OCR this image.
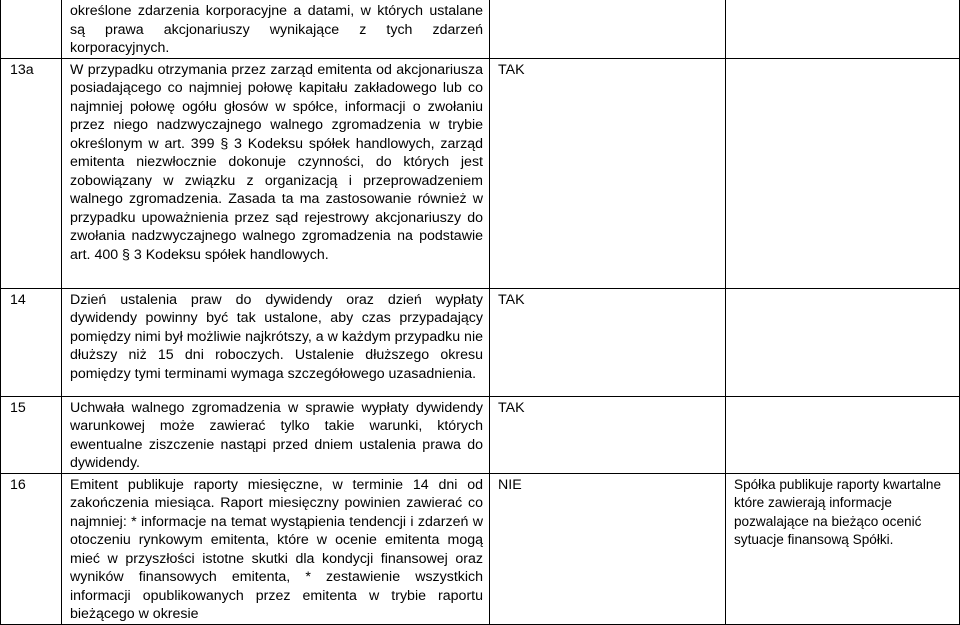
	określone zdarzenia korporacyjne a datami, w których ustalane są prawa akcjonariuszy wynikające z tych zdarzeń korporacyjnych.		
13a	W przypadku otrzymania przez zarząd emitenta od akcjonariusza posiadającego co najmniej połowę kapitału zakładowego lub co najmniej połowę ogółu głosów w spółce, informacji o zwołaniu przez niego nadzwyczajnego walnego zgromadzenia w trybie określonym w art. 399 § 3 Kodeksu spółek handlowych, zarząd emitenta niezwłocznie dokonuje czynności, do których jest zobowiązany w związku z organizacją i przeprowadzeniem walnego zgromadzenia. Zasada ta ma zastosowanie również w przypadku upoważnienia przez sąd rejestrowy akcjonariuszy do zwołania nadzwyczajnego walnego zgromadzenia na podstawie art. 400 § 3 Kodeksu spółek handlowych.	TAK	
14	Dzień ustalenia praw do dywidendy oraz dzień wypłaty dywidendy powinny być tak ustalone, aby czas przypadający pomiędzy nimi był możliwie najkrótszy, a w każdym przypadku nie dłuższy niż 15 dni roboczych. Ustalenie dłuższego okresu pomiędzy tymi terminami wymaga szczegółowego uzasadnienia.	TAK	
15	Uchwała walnego zgromadzenia w sprawie wypłaty dywidendy warunkowej może zawierać tylko takie warunki, których ewentualne ziszczenie nastąpi przed dniem ustalenia prawa do dywidendy.	TAK	
16	Emitent publikuje raporty miesięczne, w terminie 14 dni od zakończenia miesiąca. Raport miesięczny powinien zawierać co najmniej: * informacje na temat wystąpienia tendencji i zdarzeń w otoczeniu rynkowym emitenta, które w ocenie emitenta mogą mieć w przyszłości istotne skutki dla kondycji finansowej oraz wyników finansowych emitenta, * zestawienie wszystkich informacji opublikowanych przez emitenta w trybie raportu bieżącego w okresie	NIE	Spółka publikuje raporty kwartalne które zawierają informacje pozwalające na bieżąco ocenić sytuacje finansową Spółki.
